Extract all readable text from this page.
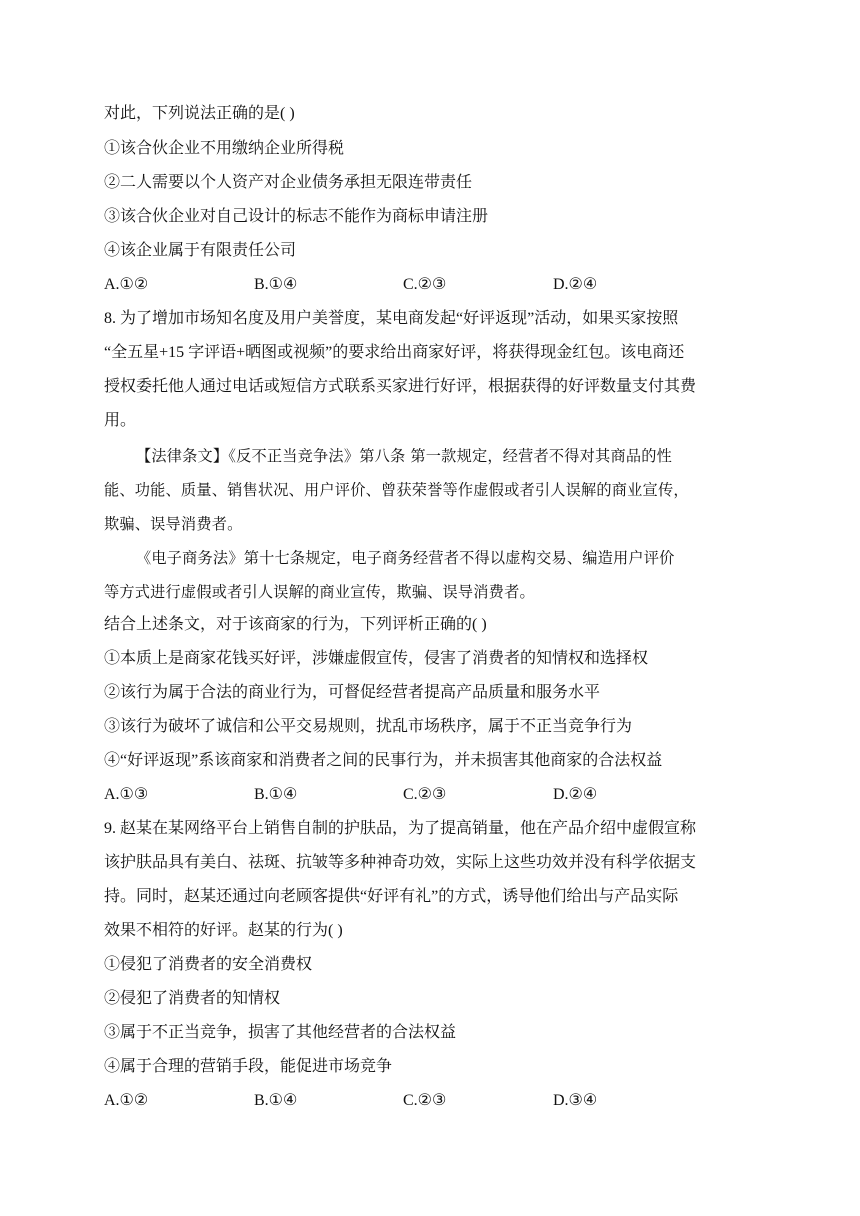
对此，下列说法正确的是( )
①该合伙企业不用缴纳企业所得税
②二人需要以个人资产对企业债务承担无限连带责任
③该合伙企业对自己设计的标志不能作为商标申请注册
④该企业属于有限责任公司
A.①②	B.①④	C.②③	D.②④
8. 为了增加市场知名度及用户美誉度，某电商发起“好评返现”活动，如果买家按照
“全五星+15 字评语+晒图或视频”的要求给出商家好评，将获得现金红包。该电商还
授权委托他人通过电话或短信方式联系买家进行好评，根据获得的好评数量支付其费
用。
【法律条文】《反不正当竞争法》第八条 第一款规定，经营者不得对其商品的性
能、功能、质量、销售状况、用户评价、曾获荣誉等作虚假或者引人误解的商业宣传，
欺骗、误导消费者。
《电子商务法》第十七条规定，电子商务经营者不得以虚构交易、编造用户评价
等方式进行虚假或者引人误解的商业宣传，欺骗、误导消费者。
结合上述条文，对于该商家的行为，下列评析正确的( )
①本质上是商家花钱买好评，涉嫌虚假宣传，侵害了消费者的知情权和选择权
②该行为属于合法的商业行为，可督促经营者提高产品质量和服务水平
③该行为破坏了诚信和公平交易规则，扰乱市场秩序，属于不正当竞争行为
④“好评返现”系该商家和消费者之间的民事行为，并未损害其他商家的合法权益
A.①③	B.①④	C.②③	D.②④
9. 赵某在某网络平台上销售自制的护肤品，为了提高销量，他在产品介绍中虚假宣称
该护肤品具有美白、祛斑、抗皱等多种神奇功效，实际上这些功效并没有科学依据支
持。同时，赵某还通过向老顾客提供“好评有礼”的方式，诱导他们给出与产品实际
效果不相符的好评。赵某的行为( )
①侵犯了消费者的安全消费权
②侵犯了消费者的知情权
③属于不正当竞争，损害了其他经营者的合法权益
④属于合理的营销手段，能促进市场竞争
A.①②	B.①④	C.②③	D.③④
